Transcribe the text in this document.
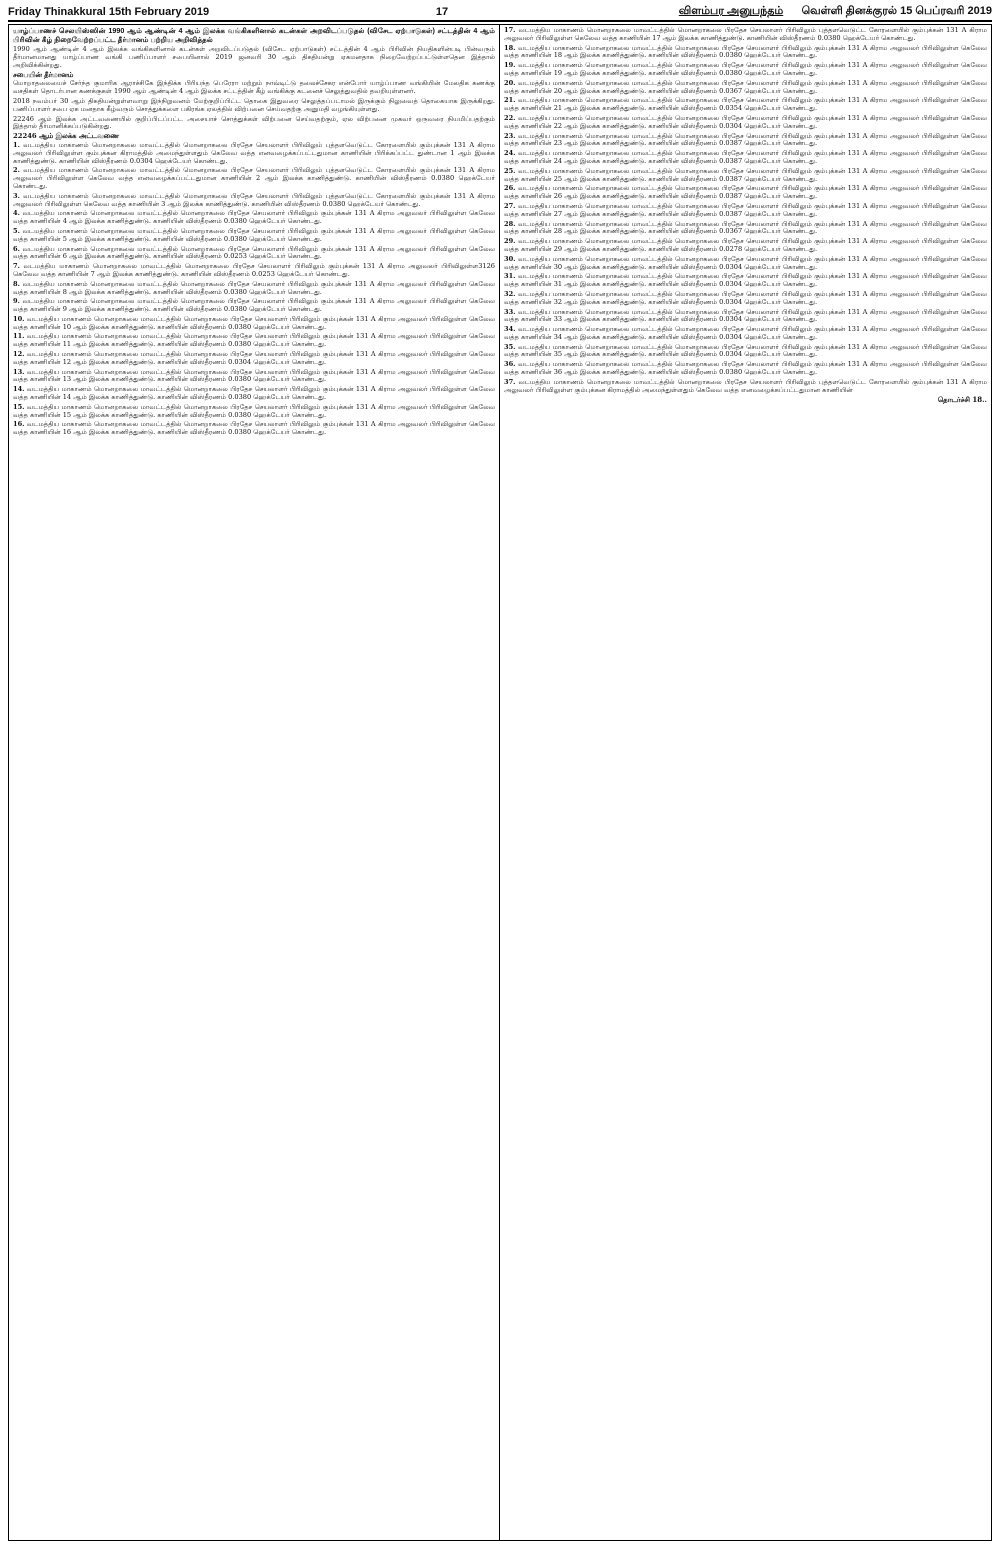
Friday Thinakkural 15th February 2019	17	விளம்பர அனுபந்தம் வெள்ளி தினக்குரல் 15 பெப்ரவரி 2019
யாழ்ப்பாணச் செலயிஸ்ஸின் 1990 ஆம் ஆண்டின் 4 ஆம் இலக்க வங்கிகளினால் கடன்கள் அறவிடப்படுதல் (விசேட ஏற்பாடுகள்) சட்டத்தின் 4 ஆம் பிரிவின் கீழ் நிறைவேற்றப்பட்ட தீர்மானம் பற்றிய அறிவித்தல்
1990 ஆம் ஆண்டின் 4 ஆம் இலக்க வங்கிகளினால் கடன்கள் அறவிடப்படுதல் (விசேட ஏற்பாடுகள்) சட்டத்தின் 4 ஆம் பிரிவின் நியதிகளின்படி பின்வரும் தீர்மானமானது யாழ்ப்பாண வங்கி பணிப்பாளர் சபையினால் 2019 ஜனவரி 30 ஆம் திகதியன்று ஏகமனதாக நிறைவேற்றப்பட்டுள்ளதென இத்தால் அறிவிக்கின்றது.
சபையின் தீர்மானம்
மொறாதலையைச் சேர்ந்த குமாரிக ஆராச்சிகே இந்திக்க பிரியந்த பெரேரா மற்றும் நாவ்டிட்டு தலைச்சேகர என்போர் யாழ்ப்பாண வங்கியின் மேலதிக கணக்கு வசதிகள் தொடர்பான கணக்குகள் 1990 ஆம் ஆண்டின் 4 ஆம் இலக்க சட்டத்தின் கீழ் வங்கிக்கு கடனைச் செலுத்துவதில் தவறியுள்ளனர்.
2018 நவம்பர் 30 ஆம் திகதியன்றுள்ளவாறு இந்நிறுவனம் மேற்குறிப்பிட்ட தொகை இதுவரை செலுத்தப்படாமல் இருக்கும் நிலுவைத் தொகையாக இருக்கிறது. பணிப்பாளர் சபை ஏக மனதாக கீழ்வரும் சொத்துக்களை பகிரங்க ஏலத்தில் விற்பனை செய்வதற்கு அனுமதி வழங்கியுள்ளது.
22246 ஆம் இலக்க அட்டவணையில் குறிப்பிடப்பட்ட அசையாச் சொத்துக்கள் விற்பனை செய்வதற்கும், ஏல விற்பனை முகவர் ஒருவரை நியமிப்பதற்கும் இத்தால் தீர்மானிக்கப்படுகின்றது.
22246 ஆம் இலக்க அட்டவணை
1. வடமத்திய மாகாணம் மொனறாகலை மாவட்டத்தில் மொனறாகலை பிரதேச செயலாளர் பிரிவிலும் புத்தளவெடுட்ட கோரளையில் கும்புக்கன் 131 A கிராம அலுவலர் பிரிவிலுள்ள கும்புக்கன கிராமத்தில் அமைந்துள்ளதும் கெலேவ வத்த எனவழைக்கப்பட்டதுமான காணியின் பிரிக்கப்பட்ட துண்டான 1 ஆம் இலக்க காணித்துண்டு. காணியின் விஸ்தீரணம் 0.0304 ஹெக்டேயர் கொண்டது.
2. வடமத்திய மாகாணம் மொனறாகலை மாவட்டத்தில் மொனறாகலை பிரதேச செயலாளர் பிரிவிலும் புத்தளவெடுட்ட கோரளையில் கும்புக்கன் 131 A கிராம அலுவலர் பிரிவிலுள்ள கெலேவ வத்த எனவழைக்கப்பட்டதுமான காணியின் 2 ஆம் இலக்க காணித்துண்டு. காணியின் விஸ்தீரணம் 0.0380 ஹெக்டேயர் கொண்டது.
3. வடமத்திய மாகாணம் மொனறாகலை மாவட்டத்தில் மொனறாகலை பிரதேச செயலாளர் பிரிவிலும் புத்தளவெடுட்ட கோரளையில் கும்புக்கன் 131 A கிராம அலுவலர் பிரிவிலுள்ள கெலேவ வத்த காணியின் 3 ஆம் இலக்க காணித்துண்டு. காணியின் விஸ்தீரணம் 0.0380 ஹெக்டேயர் கொண்டது.
4. வடமத்திய மாகாணம் மொனறாகலை மாவட்டத்தில் மொனறாகலை பிரதேச செயலாளர் பிரிவிலும் கும்புக்கன் 131 A கிராம அலுவலர் பிரிவிலுள்ள கெலேவ வத்த காணியின் 4 ஆம் இலக்க காணித்துண்டு. காணியின் விஸ்தீரணம் 0.0380 ஹெக்டேயர் கொண்டது.
5. வடமத்திய மாகாணம் மொனறாகலை மாவட்டத்தில் மொனறாகலை பிரதேச செயலாளர் பிரிவிலும் கும்புக்கன் 131 A கிராம அலுவலர் பிரிவிலுள்ள கெலேவ வத்த காணியின் 5 ஆம் இலக்க காணித்துண்டு. காணியின் விஸ்தீரணம் 0.0380 ஹெக்டேயர் கொண்டது.
6. வடமத்திய மாகாணம் மொனறாகலை மாவட்டத்தில் மொனறாகலை பிரதேச செயலாளர் பிரிவிலும் கும்புக்கன் 131 A கிராம அலுவலர் பிரிவிலுள்ள கெலேவ வத்த காணியின் 6 ஆம் இலக்க காணித்துண்டு. காணியின் விஸ்தீரணம் 0.0253 ஹெக்டேயர் கொண்டது.
3126
7. வடமத்திய மாகாணம் மொனறாகலை மாவட்டத்தில் மொனறாகலை பிரதேச செயலாளர் பிரிவிலும் கும்புக்கன் 131 A கிராம அலுவலர் பிரிவிலுள்ள கெலேவ வத்த காணியின் 7 ஆம் இலக்க காணித்துண்டு. காணியின் விஸ்தீரணம் 0.0253 ஹெக்டேயர் கொண்டது.
8. வடமத்திய மாகாணம் மொனறாகலை மாவட்டத்தில் மொனறாகலை பிரதேச செயலாளர் பிரிவிலும் கும்புக்கன் 131 A கிராம அலுவலர் பிரிவிலுள்ள கெலேவ வத்த காணியின் 8 ஆம் இலக்க காணித்துண்டு. காணியின் விஸ்தீரணம் 0.0380 ஹெக்டேயர் கொண்டது.
9. வடமத்திய மாகாணம் மொனறாகலை மாவட்டத்தில் மொனறாகலை பிரதேச செயலாளர் பிரிவிலும் கும்புக்கன் 131 A கிராம அலுவலர் பிரிவிலுள்ள கெலேவ வத்த காணியின் 9 ஆம் இலக்க காணித்துண்டு. காணியின் விஸ்தீரணம் 0.0380 ஹெக்டேயர் கொண்டது.
10. வடமத்திய மாகாணம் மொனறாகலை மாவட்டத்தில் மொனறாகலை பிரதேச செயலாளர் பிரிவிலும் கும்புக்கன் 131 A கிராம அலுவலர் பிரிவிலுள்ள கெலேவ வத்த காணியின் 10 ஆம் இலக்க காணித்துண்டு. காணியின் விஸ்தீரணம் 0.0380 ஹெக்டேயர் கொண்டது.
11. வடமத்திய மாகாணம் மொனறாகலை மாவட்டத்தில் மொனறாகலை பிரதேச செயலாளர் பிரிவிலும் கும்புக்கன் 131 A கிராம அலுவலர் பிரிவிலுள்ள கெலேவ வத்த காணியின் 11 ஆம் இலக்க காணித்துண்டு. காணியின் விஸ்தீரணம் 0.0380 ஹெக்டேயர் கொண்டது.
12. வடமத்திய மாகாணம் மொனறாகலை மாவட்டத்தில் மொனறாகலை பிரதேச செயலாளர் பிரிவிலும் கும்புக்கன் 131 A கிராம அலுவலர் பிரிவிலுள்ள கெலேவ வத்த காணியின் 12 ஆம் இலக்க காணித்துண்டு. காணியின் விஸ்தீரணம் 0.0304 ஹெக்டேயர் கொண்டது.
13. வடமத்திய மாகாணம் மொனறாகலை மாவட்டத்தில் மொனறாகலை பிரதேச செயலாளர் பிரிவிலும் கும்புக்கன் 131 A கிராம அலுவலர் பிரிவிலுள்ள கெலேவ வத்த காணியின் 13 ஆம் இலக்க காணித்துண்டு. காணியின் விஸ்தீரணம் 0.0380 ஹெக்டேயர் கொண்டது.
14. வடமத்திய மாகாணம் மொனறாகலை மாவட்டத்தில் மொனறாகலை பிரதேச செயலாளர் பிரிவிலும் கும்புக்கன் 131 A கிராம அலுவலர் பிரிவிலுள்ள கெலேவ வத்த காணியின் 14 ஆம் இலக்க காணித்துண்டு. காணியின் விஸ்தீரணம் 0.0380 ஹெக்டேயர் கொண்டது.
15. வடமத்திய மாகாணம் மொனறாகலை மாவட்டத்தில் மொனறாகலை பிரதேச செயலாளர் பிரிவிலும் கும்புக்கன் 131 A கிராம அலுவலர் பிரிவிலுள்ள கெலேவ வத்த காணியின் 15 ஆம் இலக்க காணித்துண்டு. காணியின் விஸ்தீரணம் 0.0380 ஹெக்டேயர் கொண்டது.
16. வடமத்திய மாகாணம் மொனறாகலை மாவட்டத்தில் மொனறாகலை பிரதேச செயலாளர் பிரிவிலும் கும்புக்கன் 131 A கிராம அலுவலர் பிரிவிலுள்ள கெலேவ வத்த காணியின் 16 ஆம் இலக்க காணித்துண்டு. காணியின் விஸ்தீரணம் 0.0380 ஹெக்டேயர் கொண்டது.
17. வடமத்திய மாகாணம் மொனறாகலை மாவட்டத்தில் மொனறாகலை பிரதேச செயலாளர் பிரிவிலும் புத்தளவெடுட்ட கோரளையில் கும்புக்கன் 131 A கிராம அலுவலர் பிரிவிலுள்ள கெலேவ வத்த காணியின் 17 ஆம் இலக்க காணித்துண்டு. காணியின் விஸ்தீரணம் 0.0380 ஹெக்டேயர் கொண்டது.
18. வடமத்திய மாகாணம் மொனறாகலை மாவட்டத்தில் மொனறாகலை பிரதேச செயலாளர் பிரிவிலும் கும்புக்கன் 131 A கிராம அலுவலர் பிரிவிலுள்ள கெலேவ வத்த காணியின் 18 ஆம் இலக்க காணித்துண்டு. காணியின் விஸ்தீரணம் 0.0380 ஹெக்டேயர் கொண்டது.
19. வடமத்திய மாகாணம் மொனறாகலை மாவட்டத்தில் மொனறாகலை பிரதேச செயலாளர் பிரிவிலும் கும்புக்கன் 131 A கிராம அலுவலர் பிரிவிலுள்ள கெலேவ வத்த காணியின் 19 ஆம் இலக்க காணித்துண்டு. காணியின் விஸ்தீரணம் 0.0380 ஹெக்டேயர் கொண்டது.
20. வடமத்திய மாகாணம் மொனறாகலை மாவட்டத்தில் மொனறாகலை பிரதேச செயலாளர் பிரிவிலும் கும்புக்கன் 131 A கிராம அலுவலர் பிரிவிலுள்ள கெலேவ வத்த காணியின் 20 ஆம் இலக்க காணித்துண்டு. காணியின் விஸ்தீரணம் 0.0367 ஹெக்டேயர் கொண்டது.
21. வடமத்திய மாகாணம் மொனறாகலை மாவட்டத்தில் மொனறாகலை பிரதேச செயலாளர் பிரிவிலும் கும்புக்கன் 131 A கிராம அலுவலர் பிரிவிலுள்ள கெலேவ வத்த காணியின் 21 ஆம் இலக்க காணித்துண்டு. காணியின் விஸ்தீரணம் 0.0354 ஹெக்டேயர் கொண்டது.
22. வடமத்திய மாகாணம் மொனறாகலை மாவட்டத்தில் மொனறாகலை பிரதேச செயலாளர் பிரிவிலும் கும்புக்கன் 131 A கிராம அலுவலர் பிரிவிலுள்ள கெலேவ வத்த காணியின் 22 ஆம் இலக்க காணித்துண்டு. காணியின் விஸ்தீரணம் 0.0304 ஹெக்டேயர் கொண்டது.
23. வடமத்திய மாகாணம் மொனறாகலை மாவட்டத்தில் மொனறாகலை பிரதேச செயலாளர் பிரிவிலும் கும்புக்கன் 131 A கிராம அலுவலர் பிரிவிலுள்ள கெலேவ வத்த காணியின் 23 ஆம் இலக்க காணித்துண்டு. காணியின் விஸ்தீரணம் 0.0387 ஹெக்டேயர் கொண்டது.
24. வடமத்திய மாகாணம் மொனறாகலை மாவட்டத்தில் மொனறாகலை பிரதேச செயலாளர் பிரிவிலும் கும்புக்கன் 131 A கிராம அலுவலர் பிரிவிலுள்ள கெலேவ வத்த காணியின் 24 ஆம் இலக்க காணித்துண்டு. காணியின் விஸ்தீரணம் 0.0387 ஹெக்டேயர் கொண்டது.
25. வடமத்திய மாகாணம் மொனறாகலை மாவட்டத்தில் மொனறாகலை பிரதேச செயலாளர் பிரிவிலும் கும்புக்கன் 131 A கிராம அலுவலர் பிரிவிலுள்ள கெலேவ வத்த காணியின் 25 ஆம் இலக்க காணித்துண்டு. காணியின் விஸ்தீரணம் 0.0387 ஹெக்டேயர் கொண்டது.
26. வடமத்திய மாகாணம் மொனறாகலை மாவட்டத்தில் மொனறாகலை பிரதேச செயலாளர் பிரிவிலும் கும்புக்கன் 131 A கிராம அலுவலர் பிரிவிலுள்ள கெலேவ வத்த காணியின் 26 ஆம் இலக்க காணித்துண்டு. காணியின் விஸ்தீரணம் 0.0387 ஹெக்டேயர் கொண்டது.
27. வடமத்திய மாகாணம் மொனறாகலை மாவட்டத்தில் மொனறாகலை பிரதேச செயலாளர் பிரிவிலும் கும்புக்கன் 131 A கிராம அலுவலர் பிரிவிலுள்ள கெலேவ வத்த காணியின் 27 ஆம் இலக்க காணித்துண்டு. காணியின் விஸ்தீரணம் 0.0387 ஹெக்டேயர் கொண்டது.
28. வடமத்திய மாகாணம் மொனறாகலை மாவட்டத்தில் மொனறாகலை பிரதேச செயலாளர் பிரிவிலும் கும்புக்கன் 131 A கிராம அலுவலர் பிரிவிலுள்ள கெலேவ வத்த காணியின் 28 ஆம் இலக்க காணித்துண்டு. காணியின் விஸ்தீரணம் 0.0367 ஹெக்டேயர் கொண்டது.
29. வடமத்திய மாகாணம் மொனறாகலை மாவட்டத்தில் மொனறாகலை பிரதேச செயலாளர் பிரிவிலும் கும்புக்கன் 131 A கிராம அலுவலர் பிரிவிலுள்ள கெலேவ வத்த காணியின் 29 ஆம் இலக்க காணித்துண்டு. காணியின் விஸ்தீரணம் 0.0278 ஹெக்டேயர் கொண்டது.
30. வடமத்திய மாகாணம் மொனறாகலை மாவட்டத்தில் மொனறாகலை பிரதேச செயலாளர் பிரிவிலும் கும்புக்கன் 131 A கிராம அலுவலர் பிரிவிலுள்ள கெலேவ வத்த காணியின் 30 ஆம் இலக்க காணித்துண்டு. காணியின் விஸ்தீரணம் 0.0304 ஹெக்டேயர் கொண்டது.
31. வடமத்திய மாகாணம் மொனறாகலை மாவட்டத்தில் மொனறாகலை பிரதேச செயலாளர் பிரிவிலும் கும்புக்கன் 131 A கிராம அலுவலர் பிரிவிலுள்ள கெலேவ வத்த காணியின் 31 ஆம் இலக்க காணித்துண்டு. காணியின் விஸ்தீரணம் 0.0304 ஹெக்டேயர் கொண்டது.
32. வடமத்திய மாகாணம் மொனறாகலை மாவட்டத்தில் மொனறாகலை பிரதேச செயலாளர் பிரிவிலும் கும்புக்கன் 131 A கிராம அலுவலர் பிரிவிலுள்ள கெலேவ வத்த காணியின் 32 ஆம் இலக்க காணித்துண்டு. காணியின் விஸ்தீரணம் 0.0304 ஹெக்டேயர் கொண்டது.
33. வடமத்திய மாகாணம் மொனறாகலை மாவட்டத்தில் மொனறாகலை பிரதேச செயலாளர் பிரிவிலும் கும்புக்கன் 131 A கிராம அலுவலர் பிரிவிலுள்ள கெலேவ வத்த காணியின் 33 ஆம் இலக்க காணித்துண்டு. காணியின் விஸ்தீரணம் 0.0304 ஹெக்டேயர் கொண்டது.
34. வடமத்திய மாகாணம் மொனறாகலை மாவட்டத்தில் மொனறாகலை பிரதேச செயலாளர் பிரிவிலும் கும்புக்கன் 131 A கிராம அலுவலர் பிரிவிலுள்ள கெலேவ வத்த காணியின் 34 ஆம் இலக்க காணித்துண்டு. காணியின் விஸ்தீரணம் 0.0304 ஹெக்டேயர் கொண்டது.
35. வடமத்திய மாகாணம் மொனறாகலை மாவட்டத்தில் மொனறாகலை பிரதேச செயலாளர் பிரிவிலும் கும்புக்கன் 131 A கிராம அலுவலர் பிரிவிலுள்ள கெலேவ வத்த காணியின் 35 ஆம் இலக்க காணித்துண்டு. காணியின் விஸ்தீரணம் 0.0304 ஹெக்டேயர் கொண்டது.
36. வடமத்திய மாகாணம் மொனறாகலை மாவட்டத்தில் மொனறாகலை பிரதேச செயலாளர் பிரிவிலும் கும்புக்கன் 131 A கிராம அலுவலர் பிரிவிலுள்ள கெலேவ வத்த காணியின் 36 ஆம் இலக்க காணித்துண்டு. காணியின் விஸ்தீரணம் 0.0380 ஹெக்டேயர் கொண்டது.
37. வடமத்திய மாகாணம் மொனறாகலை மாவட்டத்தில் மொனறாகலை பிரதேச செயலாளர் பிரிவிலும் புத்தளவெடுட்ட கோரளையில் கும்புக்கன் 131 A கிராம அலுவலர் பிரிவிலுள்ள கும்புக்கன கிராமத்தில் அமைந்துள்ளதும் கெலேவ வத்த எனவழைக்கப்பட்டதுமான காணியின்
தொடர்ச்சி 18..
